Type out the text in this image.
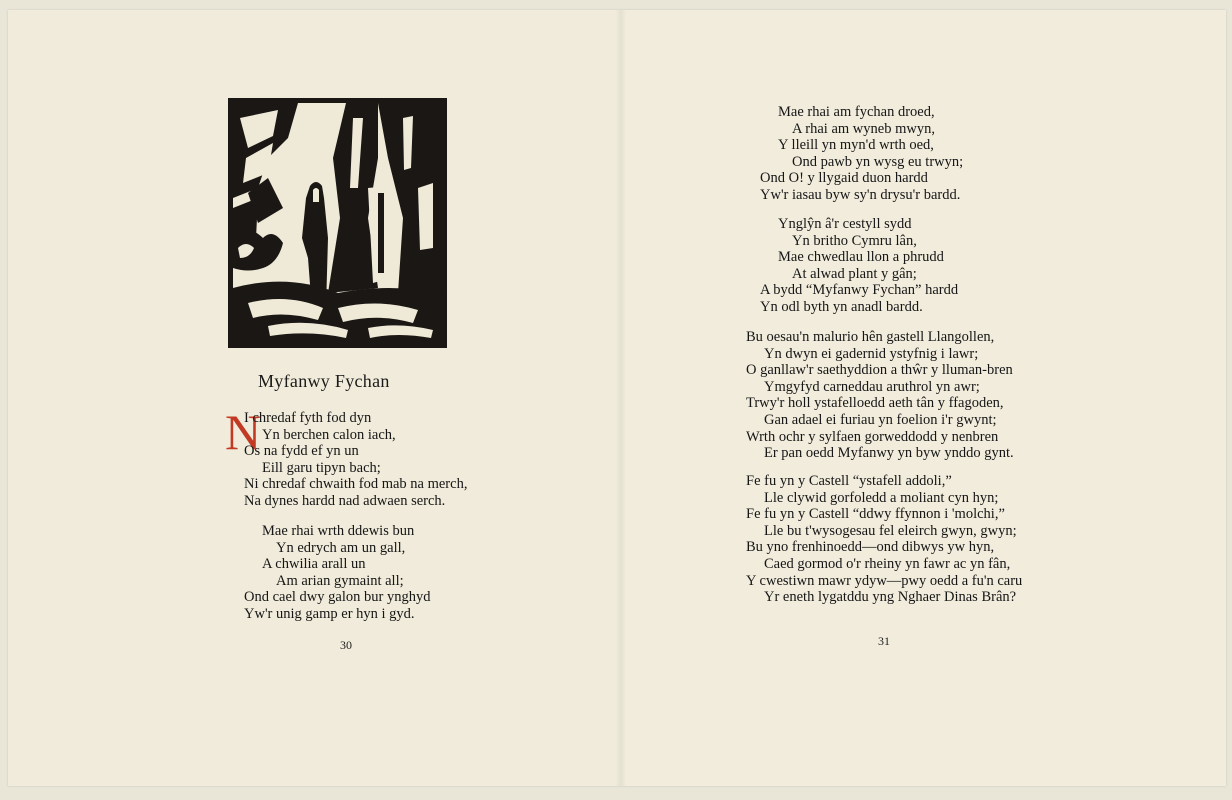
Myfanwy Fychan
N
I chredaf fyth fod dyn
Yn berchen calon iach,
Os na fydd ef yn un
Eill garu tipyn bach;
Ni chredaf chwaith fod mab na merch,
Na dynes hardd nad adwaen serch.
Mae rhai wrth ddewis bun
Yn edrych am un gall,
A chwilia arall un
Am arian gymaint all;
Ond cael dwy galon bur ynghyd
Yw'r unig gamp er hyn i gyd.
30
Mae rhai am fychan droed,
A rhai am wyneb mwyn,
Y lleill yn myn'd wrth oed,
Ond pawb yn wysg eu trwyn;
Ond O! y llygaid duon hardd
Yw'r iasau byw sy'n drysu'r bardd.
Ynglŷn â'r cestyll sydd
Yn britho Cymru lân,
Mae chwedlau llon a phrudd
At alwad plant y gân;
A bydd “Myfanwy Fychan” hardd
Yn odl byth yn anadl bardd.
Bu oesau'n malurio hên gastell Llangollen,
Yn dwyn ei gadernid ystyfnig i lawr;
O ganllaw'r saethyddion a thŵr y lluman-bren
Ymgyfyd carneddau aruthrol yn awr;
Trwy'r holl ystafelloedd aeth tân y ffagoden,
Gan adael ei furiau yn foelion i'r gwynt;
Wrth ochr y sylfaen gorweddodd y nenbren
Er pan oedd Myfanwy yn byw ynddo gynt.
Fe fu yn y Castell “ystafell addoli,”
Lle clywid gorfoledd a moliant cyn hyn;
Fe fu yn y Castell “ddwy ffynnon i 'molchi,”
Lle bu t'wysogesau fel eleirch gwyn, gwyn;
Bu yno frenhinoedd—ond dibwys yw hyn,
Caed gormod o'r rheiny yn fawr ac yn fân,
Y cwestiwn mawr ydyw—pwy oedd a fu'n caru
Yr eneth lygatddu yng Nghaer Dinas Brân?
31
